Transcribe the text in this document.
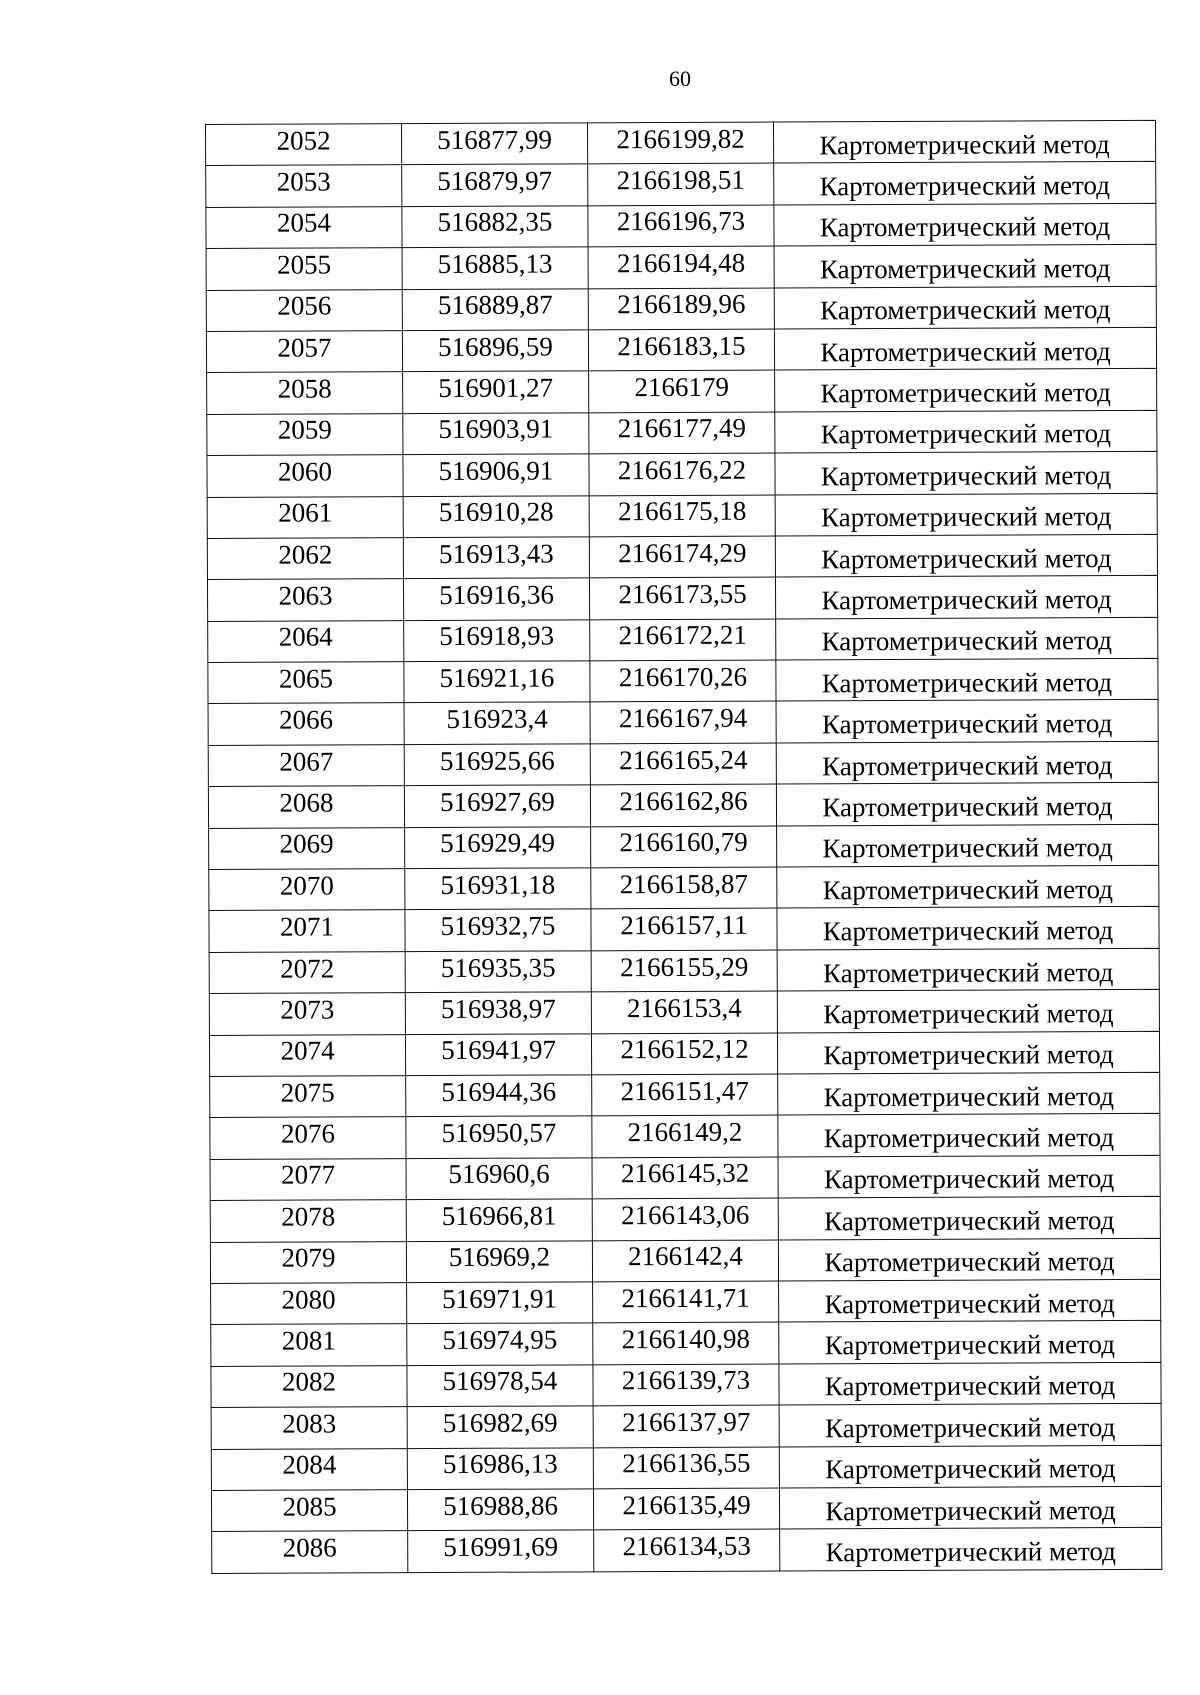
60
2052	516877,99	2166199,82	Картометрический метод
2053	516879,97	2166198,51	Картометрический метод
2054	516882,35	2166196,73	Картометрический метод
2055	516885,13	2166194,48	Картометрический метод
2056	516889,87	2166189,96	Картометрический метод
2057	516896,59	2166183,15	Картометрический метод
2058	516901,27	2166179	Картометрический метод
2059	516903,91	2166177,49	Картометрический метод
2060	516906,91	2166176,22	Картометрический метод
2061	516910,28	2166175,18	Картометрический метод
2062	516913,43	2166174,29	Картометрический метод
2063	516916,36	2166173,55	Картометрический метод
2064	516918,93	2166172,21	Картометрический метод
2065	516921,16	2166170,26	Картометрический метод
2066	516923,4	2166167,94	Картометрический метод
2067	516925,66	2166165,24	Картометрический метод
2068	516927,69	2166162,86	Картометрический метод
2069	516929,49	2166160,79	Картометрический метод
2070	516931,18	2166158,87	Картометрический метод
2071	516932,75	2166157,11	Картометрический метод
2072	516935,35	2166155,29	Картометрический метод
2073	516938,97	2166153,4	Картометрический метод
2074	516941,97	2166152,12	Картометрический метод
2075	516944,36	2166151,47	Картометрический метод
2076	516950,57	2166149,2	Картометрический метод
2077	516960,6	2166145,32	Картометрический метод
2078	516966,81	2166143,06	Картометрический метод
2079	516969,2	2166142,4	Картометрический метод
2080	516971,91	2166141,71	Картометрический метод
2081	516974,95	2166140,98	Картометрический метод
2082	516978,54	2166139,73	Картометрический метод
2083	516982,69	2166137,97	Картометрический метод
2084	516986,13	2166136,55	Картометрический метод
2085	516988,86	2166135,49	Картометрический метод
2086	516991,69	2166134,53	Картометрический метод
